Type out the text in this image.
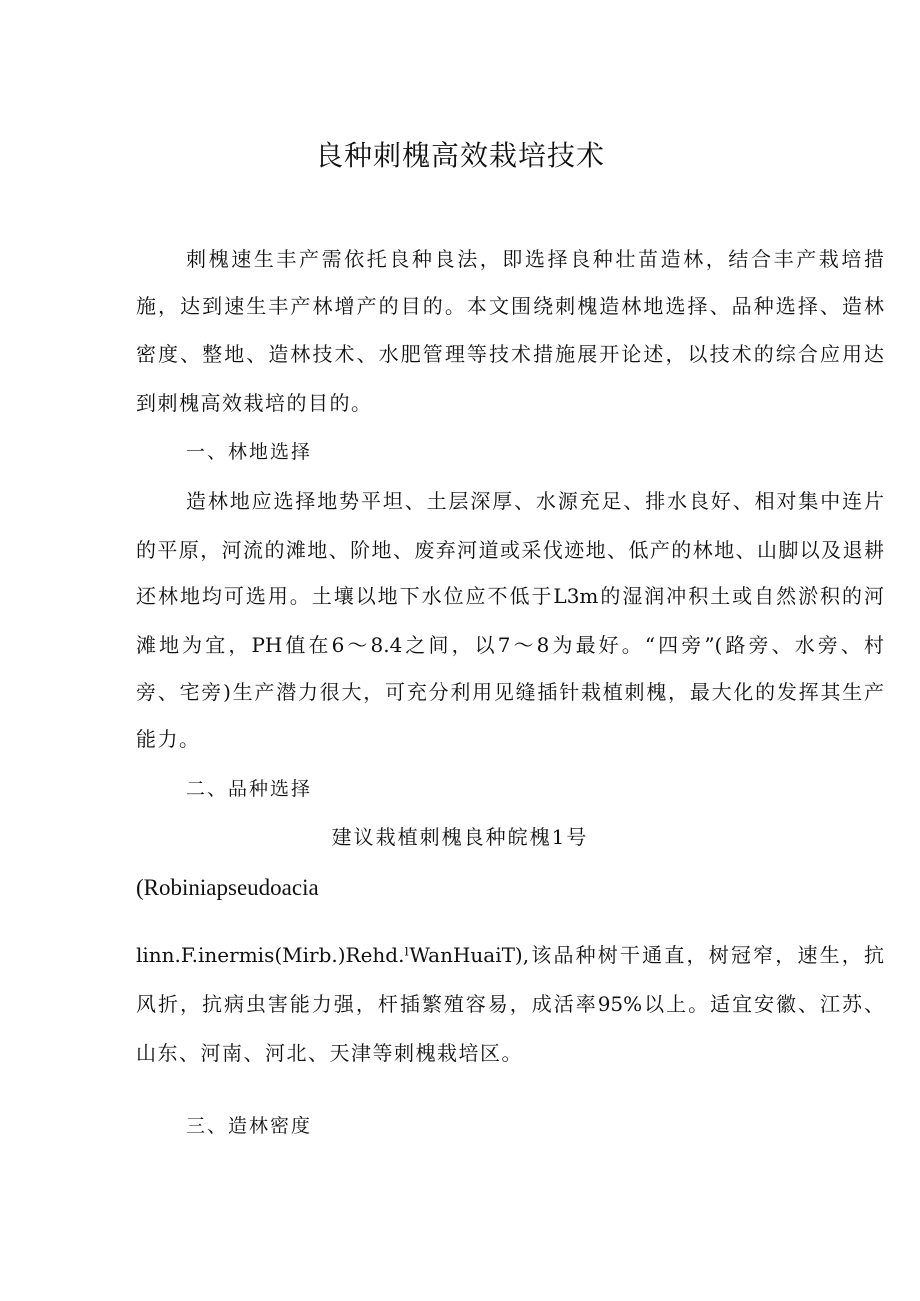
良种刺槐高效栽培技术
刺槐速生丰产需依托良种良法，即选择良种壮苗造林，结合丰产栽培措
施，达到速生丰产林增产的目的。本文围绕刺槐造林地选择、品种选择、造林
密度、整地、造林技术、水肥管理等技术措施展开论述，以技术的综合应用达
到刺槐高效栽培的目的。
一、林地选择
造林地应选择地势平坦、土层深厚、水源充足、排水良好、相对集中连片
的平原，河流的滩地、阶地、废弃河道或采伐迹地、低产的林地、山脚以及退耕
还林地均可选用。土壤以地下水位应不低于L3m的湿润冲积土或自然淤积的河
滩地为宜，PH值在6～8.4之间，以7～8为最好。“四旁”(路旁、水旁、村
旁、宅旁)生产潜力很大，可充分利用见缝插针栽植刺槐，最大化的发挥其生产
能力。
二、品种选择
建议栽植刺槐良种皖槐1号
(Robiniapseudoacia
linn.F.inermis(Mirb.)Rehd.ˡWanHuaiT),该品种树干通直，树冠窄，速生，抗
风折，抗病虫害能力强，杆插繁殖容易，成活率95%以上。适宜安徽、江苏、
山东、河南、河北、天津等刺槐栽培区。
三、造林密度
